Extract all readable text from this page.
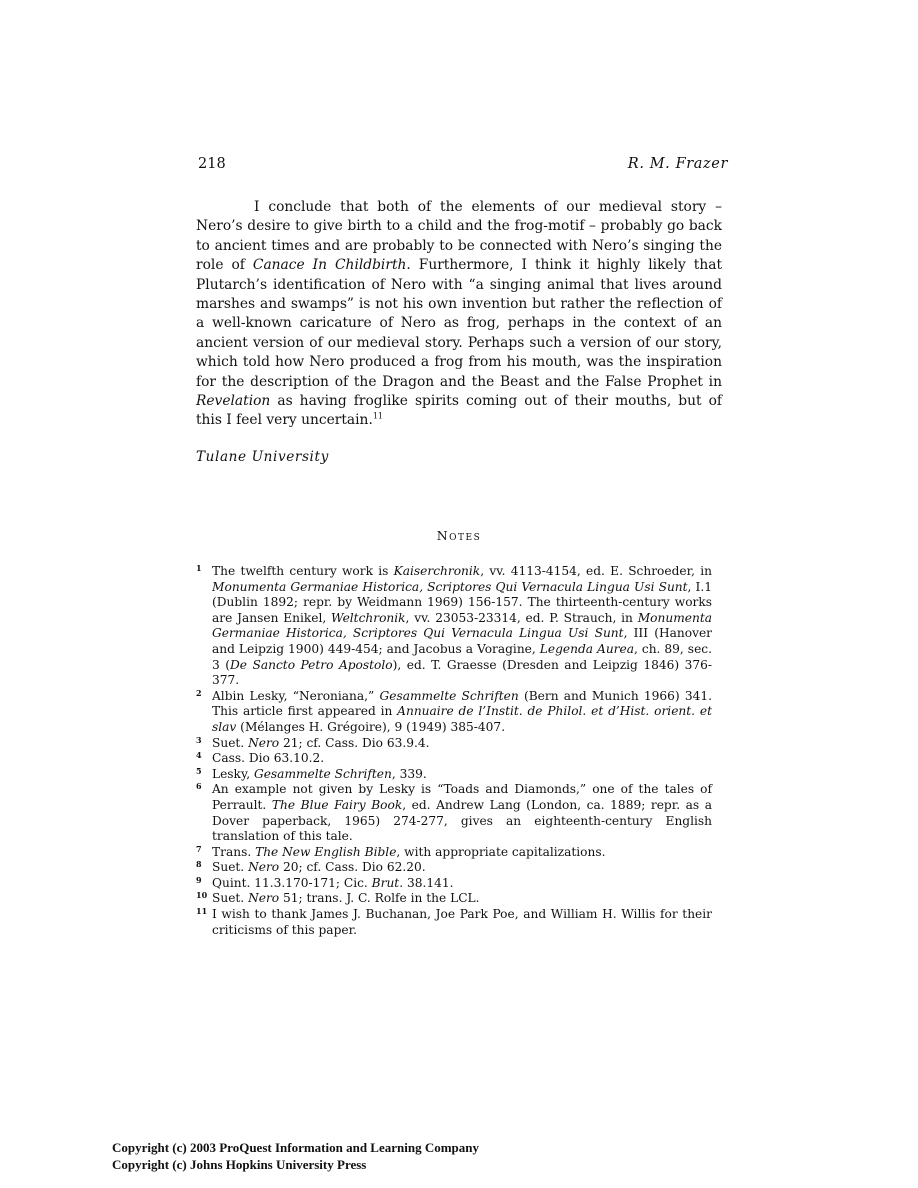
218	R. M. Frazer

I conclude that both of the elements of our medieval story – Nero’s desire to give birth to a child and the frog-motif – probably go back to ancient times and are probably to be connected with Nero’s singing the role of Canace In Childbirth. Furthermore, I think it highly likely that Plutarch’s identification of Nero with “a singing animal that lives around marshes and swamps” is not his own invention but rather the reflection of a well-known caricature of Nero as frog, perhaps in the context of an ancient version of our medieval story. Perhaps such a version of our story, which told how Nero produced a frog from his mouth, was the inspiration for the description of the Dragon and the Beast and the False Prophet in Revelation as having froglike spirits coming out of their mouths, but of this I feel very uncertain.$^{11}$

Tulane University
Notes
1 The twelfth century work is Kaiserchronik, vv. 4113-4154, ed. E. Schroeder, in Monumenta Germaniae Historica, Scriptores Qui Vernacula Lingua Usi Sunt, I.1 (Dublin 1892; repr. by Weidmann 1969) 156-157. The thirteenth-century works are Jansen Enikel, Weltchronik, vv. 23053-23314, ed. P. Strauch, in Monumenta Germaniae Historica, Scriptores Qui Vernacula Lingua Usi Sunt, III (Hanover and Leipzig 1900) 449-454; and Jacobus a Voragine, Legenda Aurea, ch. 89, sec. 3 (De Sancto Petro Apostolo), ed. T. Graesse (Dresden and Leipzig 1846) 376-377.
2 Albin Lesky, “Neroniana,” Gesammelte Schriften (Bern and Munich 1966) 341. This article first appeared in Annuaire de l’Instit. de Philol. et d’Hist. orient. et slav (Mélanges H. Grégoire), 9 (1949) 385-407.
3 Suet. Nero 21; cf. Cass. Dio 63.9.4.
4 Cass. Dio 63.10.2.
5 Lesky, Gesammelte Schriften, 339.
6 An example not given by Lesky is “Toads and Diamonds,” one of the tales of Perrault. The Blue Fairy Book, ed. Andrew Lang (London, ca. 1889; repr. as a Dover paperback, 1965) 274-277, gives an eighteenth-century English translation of this tale.
7 Trans. The New English Bible, with appropriate capitalizations.
8 Suet. Nero 20; cf. Cass. Dio 62.20.
9 Quint. 11.3.170-171; Cic. Brut. 38.141.
10 Suet. Nero 51; trans. J. C. Rolfe in the LCL.
11 I wish to thank James J. Buchanan, Joe Park Poe, and William H. Willis for their criticisms of this paper.
Copyright (c) 2003 ProQuest Information and Learning Company
Copyright (c) Johns Hopkins University Press
